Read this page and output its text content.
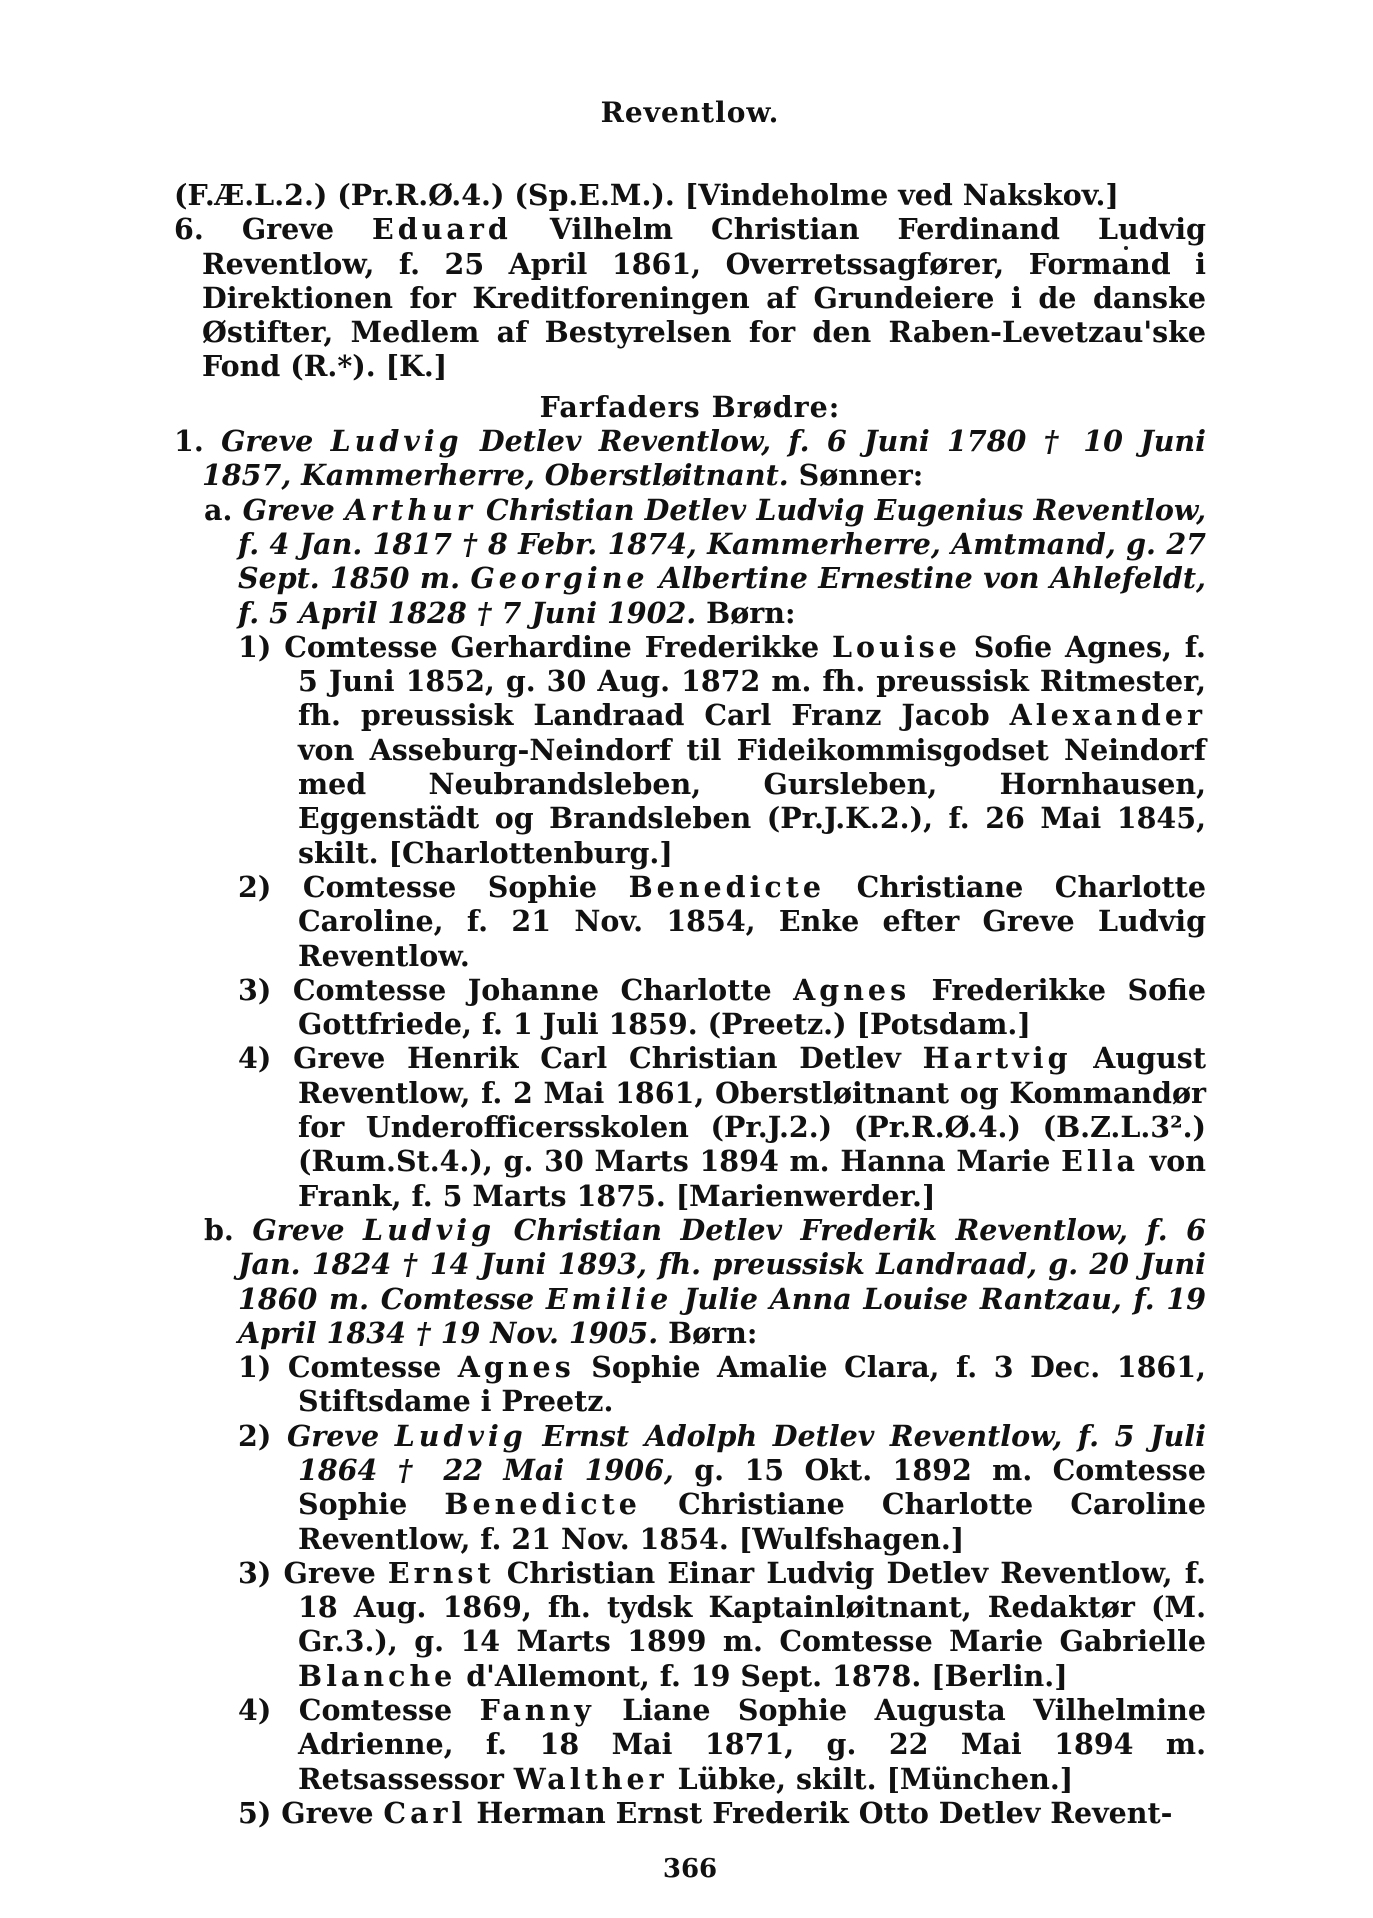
Reventlow.

(F.Æ.L.2.) (Pr.R.Ø.4.) (Sp.E.M.). [Vindeholme ved Nakskov.]

6. Greve Eduard Vilhelm Christian Ferdinand Ludvig Reventlow, f. 25 April 1861, Overretssagfører, Formand i Direktionen for Kreditforeningen af Grundeiere i de danske Østifter, Medlem af Bestyrelsen for den Raben-Levetzau'ske Fond (R.*). [K.]

Farfaders Brødre:

1. Greve Ludvig Detlev Reventlow, f. 6 Juni 1780 † 10 Juni 1857, Kammerherre, Oberstløitnant. Sønner:

a. Greve Arthur Christian Detlev Ludvig Eugenius Reventlow, f. 4 Jan. 1817 † 8 Febr. 1874, Kammerherre, Amtmand, g. 27 Sept. 1850 m. Georgine Albertine Ernestine von Ahlefeldt, f. 5 April 1828 † 7 Juni 1902. Børn:

1) Comtesse Gerhardine Frederikke Louise Sofie Agnes, f. 5 Juni 1852, g. 30 Aug. 1872 m. fh. preussisk Ritmester, fh. preussisk Landraad Carl Franz Jacob Alexander von Asseburg-Neindorf til Fideikommisgodset Neindorf med Neubrandsleben, Gursleben, Hornhausen, Eggenstädt og Brandsleben (Pr.J.K.2.), f. 26 Mai 1845, skilt. [Charlottenburg.]

2) Comtesse Sophie Benedicte Christiane Charlotte Caroline, f. 21 Nov. 1854, Enke efter Greve Ludvig Reventlow.

3) Comtesse Johanne Charlotte Agnes Frederikke Sofie Gottfriede, f. 1 Juli 1859. (Preetz.) [Potsdam.]

4) Greve Henrik Carl Christian Detlev Hartvig August Reventlow, f. 2 Mai 1861, Oberstløitnant og Kommandør for Underofficersskolen (Pr.J.2.) (Pr.R.Ø.4.) (B.Z.L.3².) (Rum.St.4.), g. 30 Marts 1894 m. Hanna Marie Ella von Frank, f. 5 Marts 1875. [Marienwerder.]

b. Greve Ludvig Christian Detlev Frederik Reventlow, f. 6 Jan. 1824 † 14 Juni 1893, fh. preussisk Landraad, g. 20 Juni 1860 m. Comtesse Emilie Julie Anna Louise Rantzau, f. 19 April 1834 † 19 Nov. 1905. Børn:

1) Comtesse Agnes Sophie Amalie Clara, f. 3 Dec. 1861, Stiftsdame i Preetz.

2) Greve Ludvig Ernst Adolph Detlev Reventlow, f. 5 Juli 1864 † 22 Mai 1906, g. 15 Okt. 1892 m. Comtesse Sophie Benedicte Christiane Charlotte Caroline Reventlow, f. 21 Nov. 1854. [Wulfshagen.]

3) Greve Ernst Christian Einar Ludvig Detlev Reventlow, f. 18 Aug. 1869, fh. tydsk Kaptainløitnant, Redaktør (M. Gr.3.), g. 14 Marts 1899 m. Comtesse Marie Gabrielle Blanche d'Allemont, f. 19 Sept. 1878. [Berlin.]

4) Comtesse Fanny Liane Sophie Augusta Vilhelmine Adrienne, f. 18 Mai 1871, g. 22 Mai 1894 m. Retsassessor Walther Lübke, skilt. [München.]

5) Greve Carl Herman Ernst Frederik Otto Detlev Revent-

366
